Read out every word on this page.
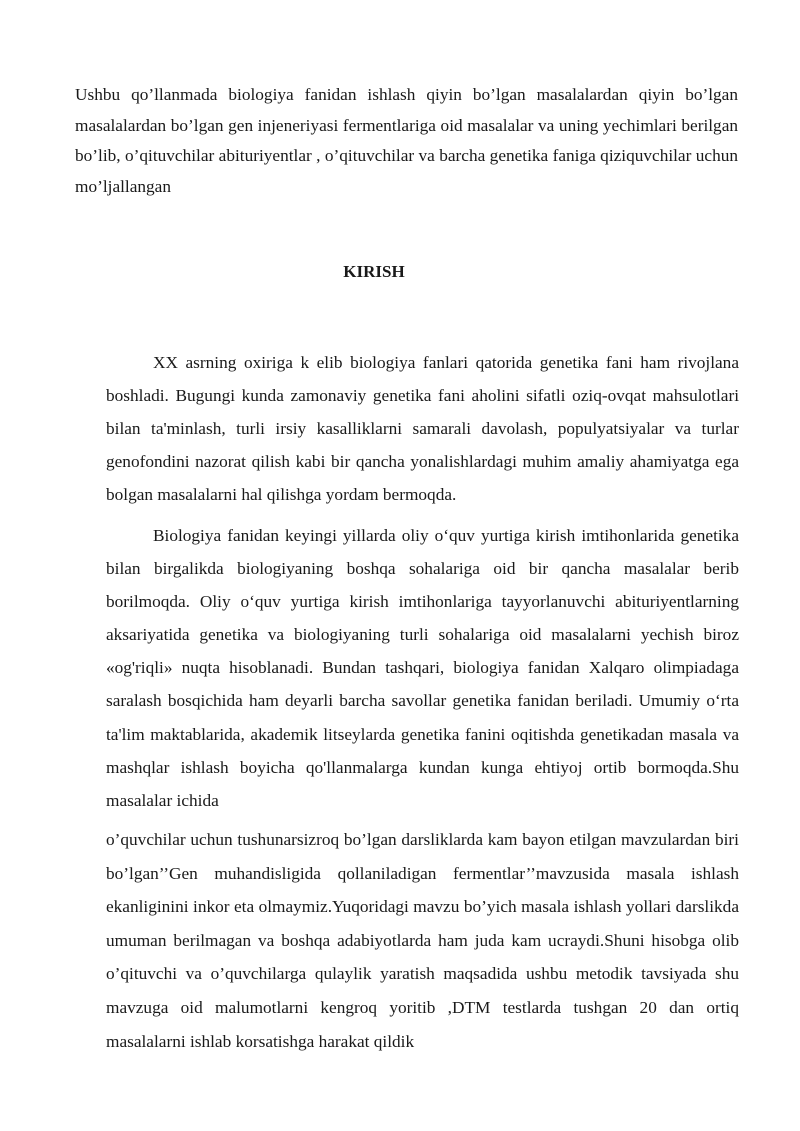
Ushbu qo’llanmada biologiya fanidan ishlash qiyin bo’lgan masalalardan qiyin bo’lgan masalalardan bo’lgan gen injeneriyasi fermentlariga oid masalalar va uning yechimlari berilgan bo’lib, o’qituvchilar abituriyentlar , o’qituvchilar va barcha genetika faniga qiziquvchilar uchun mo’ljallangan

KIRISH

XX asrning oxiriga k elib biologiya fanlari qatorida genetika fani ham rivojlana boshladi. Bugungi kunda zamonaviy genetika fani aholini sifatli oziq-ovqat mahsulotlari bilan ta'minlash, turli irsiy kasalliklarni samarali davolash, populyatsiyalar va turlar genofondini nazorat qilish kabi bir qancha yonalishlardagi muhim amaliy ahamiyatga ega bolgan masalalarni hal qilishga yordam bermoqda.

Biologiya fanidan keyingi yillarda oliy oʻquv yurtiga kirish imtihonlarida genetika bilan birgalikda biologiyaning boshqa sohalariga oid bir qancha masalalar berib borilmoqda. Oliy oʻquv yurtiga kirish imtihonlariga tayyorlanuvchi abituriyentlarning aksariyatida genetika va biologiyaning turli sohalariga oid masalalarni yechish biroz «og'riqli» nuqta hisoblanadi. Bundan tashqari, biologiya fanidan Xalqaro olimpiadaga saralash bosqichida ham deyarli barcha savollar genetika fanidan beriladi. Umumiy oʻrta ta'lim maktablarida, akademik litseylarda genetika fanini oqitishda genetikadan masala va mashqlar ishlash boyicha qo'llanmalarga kundan kunga ehtiyoj ortib bormoqda.Shu masalalar ichida

o’quvchilar uchun tushunarsizroq bo’lgan darsliklarda kam bayon etilgan mavzulardan biri bo’lgan’’Gen muhandisligida qollaniladigan fermentlar’’mavzusida masala ishlash ekanliginini inkor eta olmaymiz.Yuqoridagi mavzu bo’yich masala ishlash yollari darslikda umuman berilmagan va boshqa adabiyotlarda ham juda kam ucraydi.Shuni hisobga olib o’qituvchi va o’quvchilarga qulaylik yaratish maqsadida ushbu metodik tavsiyada shu mavzuga oid malumotlarni kengroq yoritib ,DTM testlarda tushgan 20 dan ortiq masalalarni ishlab korsatishga harakat qildik
